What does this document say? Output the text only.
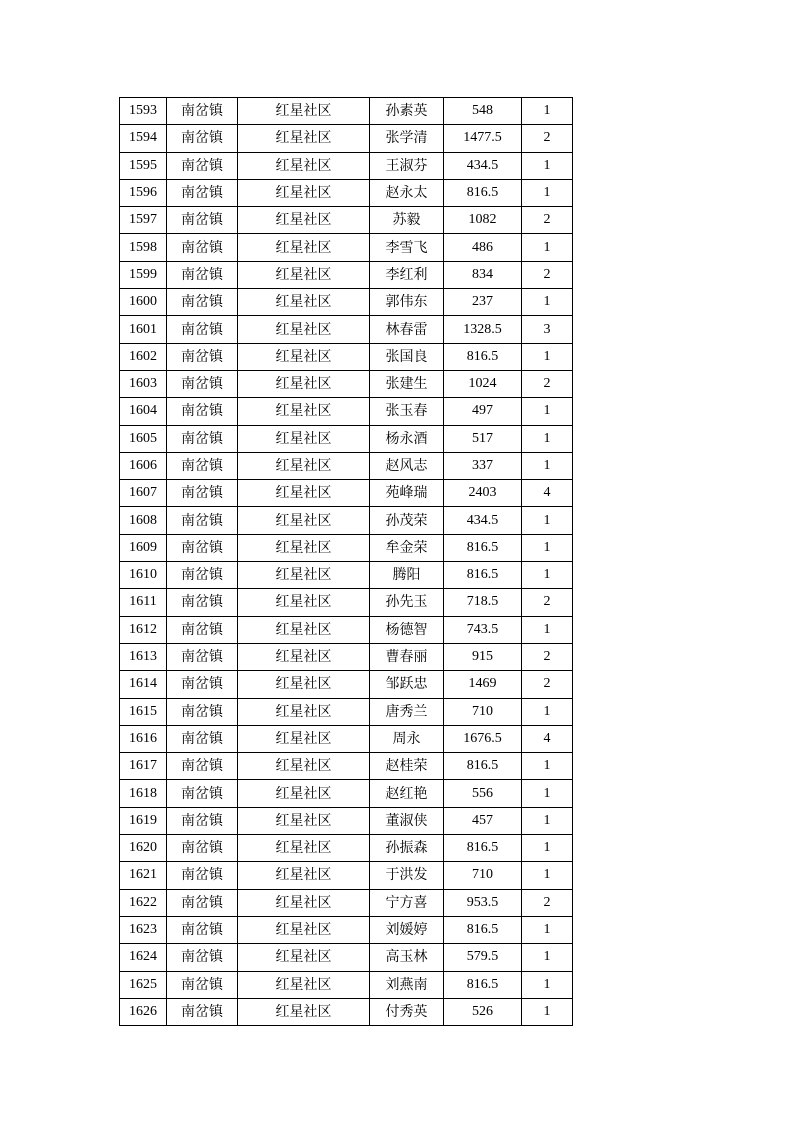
1593	南岔镇	红星社区	孙素英	548	1
1594	南岔镇	红星社区	张学清	1477.5	2
1595	南岔镇	红星社区	王淑芬	434.5	1
1596	南岔镇	红星社区	赵永太	816.5	1
1597	南岔镇	红星社区	苏毅	1082	2
1598	南岔镇	红星社区	李雪飞	486	1
1599	南岔镇	红星社区	李红利	834	2
1600	南岔镇	红星社区	郭伟东	237	1
1601	南岔镇	红星社区	林春雷	1328.5	3
1602	南岔镇	红星社区	张国良	816.5	1
1603	南岔镇	红星社区	张建生	1024	2
1604	南岔镇	红星社区	张玉春	497	1
1605	南岔镇	红星社区	杨永酒	517	1
1606	南岔镇	红星社区	赵风志	337	1
1607	南岔镇	红星社区	苑峰瑞	2403	4
1608	南岔镇	红星社区	孙茂荣	434.5	1
1609	南岔镇	红星社区	牟金荣	816.5	1
1610	南岔镇	红星社区	腾阳	816.5	1
1611	南岔镇	红星社区	孙先玉	718.5	2
1612	南岔镇	红星社区	杨德智	743.5	1
1613	南岔镇	红星社区	曹春丽	915	2
1614	南岔镇	红星社区	邹跃忠	1469	2
1615	南岔镇	红星社区	唐秀兰	710	1
1616	南岔镇	红星社区	周永	1676.5	4
1617	南岔镇	红星社区	赵桂荣	816.5	1
1618	南岔镇	红星社区	赵红艳	556	1
1619	南岔镇	红星社区	董淑侠	457	1
1620	南岔镇	红星社区	孙振森	816.5	1
1621	南岔镇	红星社区	于洪发	710	1
1622	南岔镇	红星社区	宁方喜	953.5	2
1623	南岔镇	红星社区	刘媛婷	816.5	1
1624	南岔镇	红星社区	高玉林	579.5	1
1625	南岔镇	红星社区	刘燕南	816.5	1
1626	南岔镇	红星社区	付秀英	526	1
